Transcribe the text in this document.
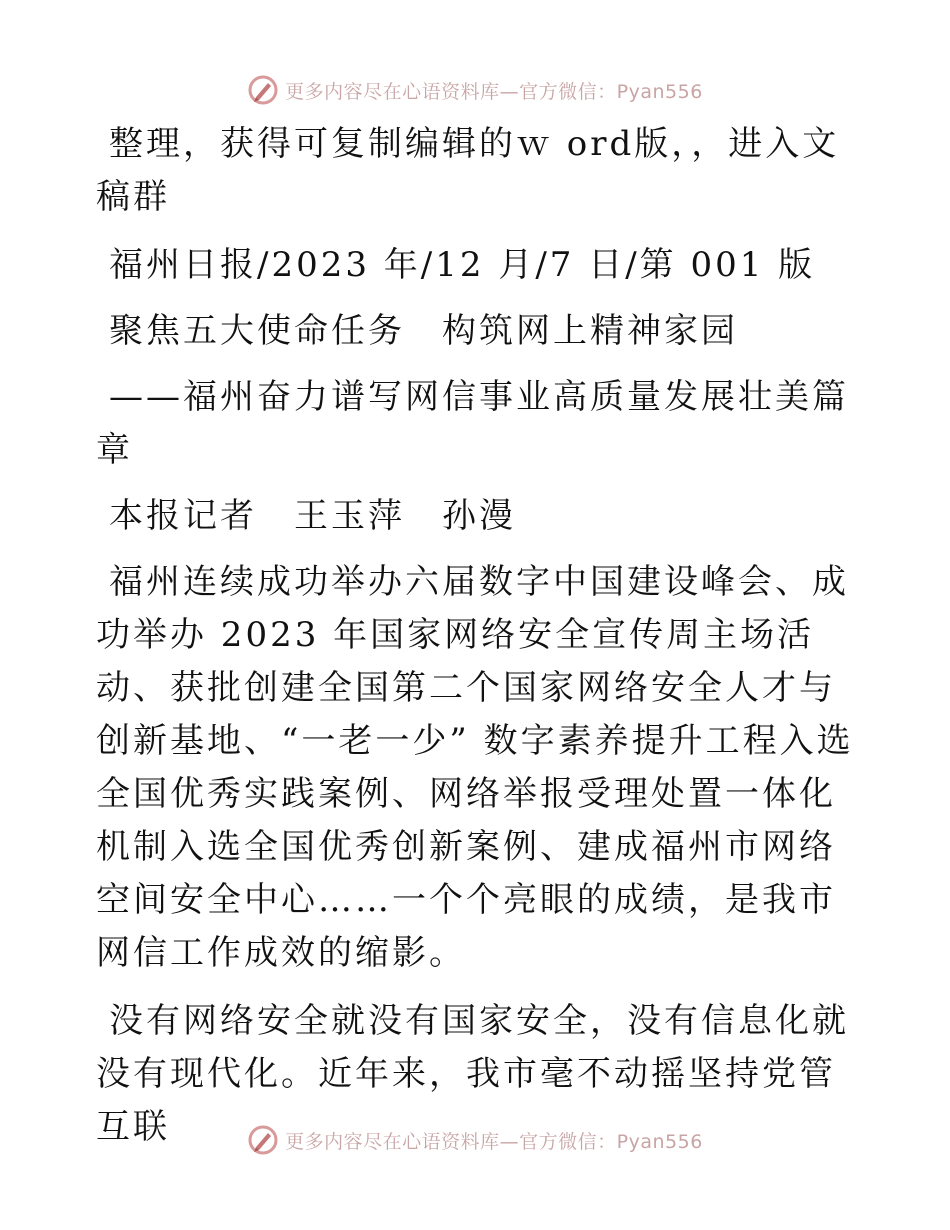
更多内容尽在心语资料库—官方微信：Pyan556

整理，获得可复制编辑的ｗ ord版，，进入文稿群

福州日报/2023 年/12 月/7 日/第 001 版

聚焦五大使命任务　构筑网上精神家园

——福州奋力谱写网信事业高质量发展壮美篇章

本报记者　王玉萍　孙漫

福州连续成功举办六届数字中国建设峰会、成功举办 2023 年国家网络安全宣传周主场活动、获批创建全国第二个国家网络安全人才与创新基地、“一老一少” 数字素养提升工程入选全国优秀实践案例、网络举报受理处置一体化机制入选全国优秀创新案例、建成福州市网络空间安全中心……一个个亮眼的成绩，是我市网信工作成效的缩影。

没有网络安全就没有国家安全，没有信息化就没有现代化。近年来，我市毫不动摇坚持党管互联	更多内容尽在心语资料库—官方微信：Pyan556
